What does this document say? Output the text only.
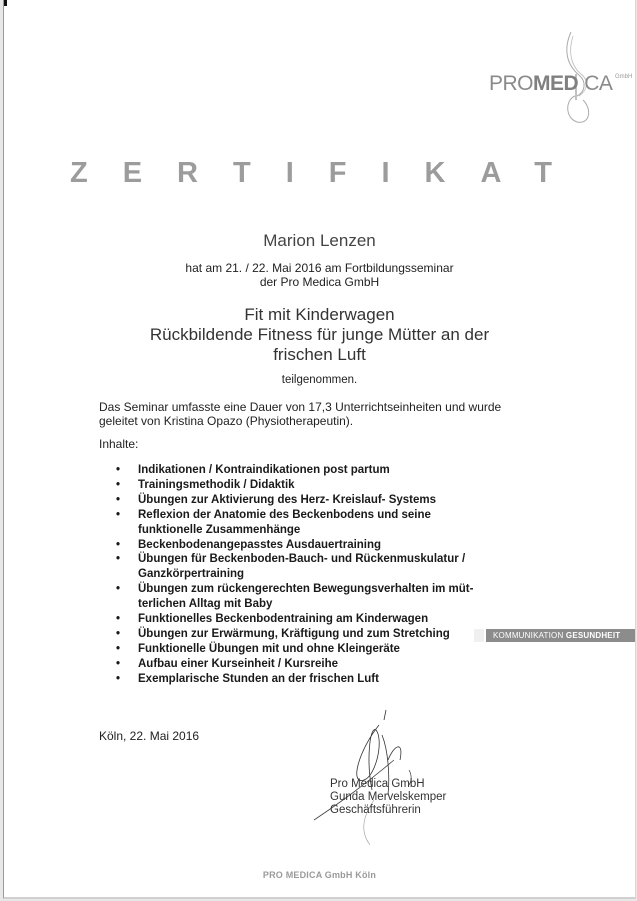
PROMED CA GmbH
ZERTIFIKAT
Marion Lenzen
hat am 21. / 22. Mai 2016 am Fortbildungsseminar
der Pro Medica GmbH
Fit mit Kinderwagen
Rückbildende Fitness für junge Mütter an der
frischen Luft
teilgenommen.
Das Seminar umfasste eine Dauer von 17,3 Unterrichtseinheiten und wurde
geleitet von Kristina Opazo (Physiotherapeutin).
Inhalte:
• Indikationen / Kontraindikationen post partum
• Trainingsmethodik / Didaktik
• Übungen zur Aktivierung des Herz- Kreislauf- Systems
• Reflexion der Anatomie des Beckenbodens und seine funktionelle Zusammenhänge
• Beckenbodenangepasstes Ausdauertraining
• Übungen für Beckenboden-Bauch- und Rückenmuskulatur / Ganzkörpertraining
• Übungen zum rückengerechten Bewegungsverhalten im müt-terlichen Alltag mit Baby
• Funktionelles Beckenbodentraining am Kinderwagen
• Übungen zur Erwärmung, Kräftigung und zum Stretching
• Funktionelle Übungen mit und ohne Kleingeräte
• Aufbau einer Kurseinheit / Kursreihe
• Exemplarische Stunden an der frischen Luft
KOMMUNIKATION GESUNDHEIT
Köln, 22. Mai 2016
Pro Medica GmbH
Gunda Mervelskemper
Geschäftsführerin
PRO MEDICA GmbH Köln
